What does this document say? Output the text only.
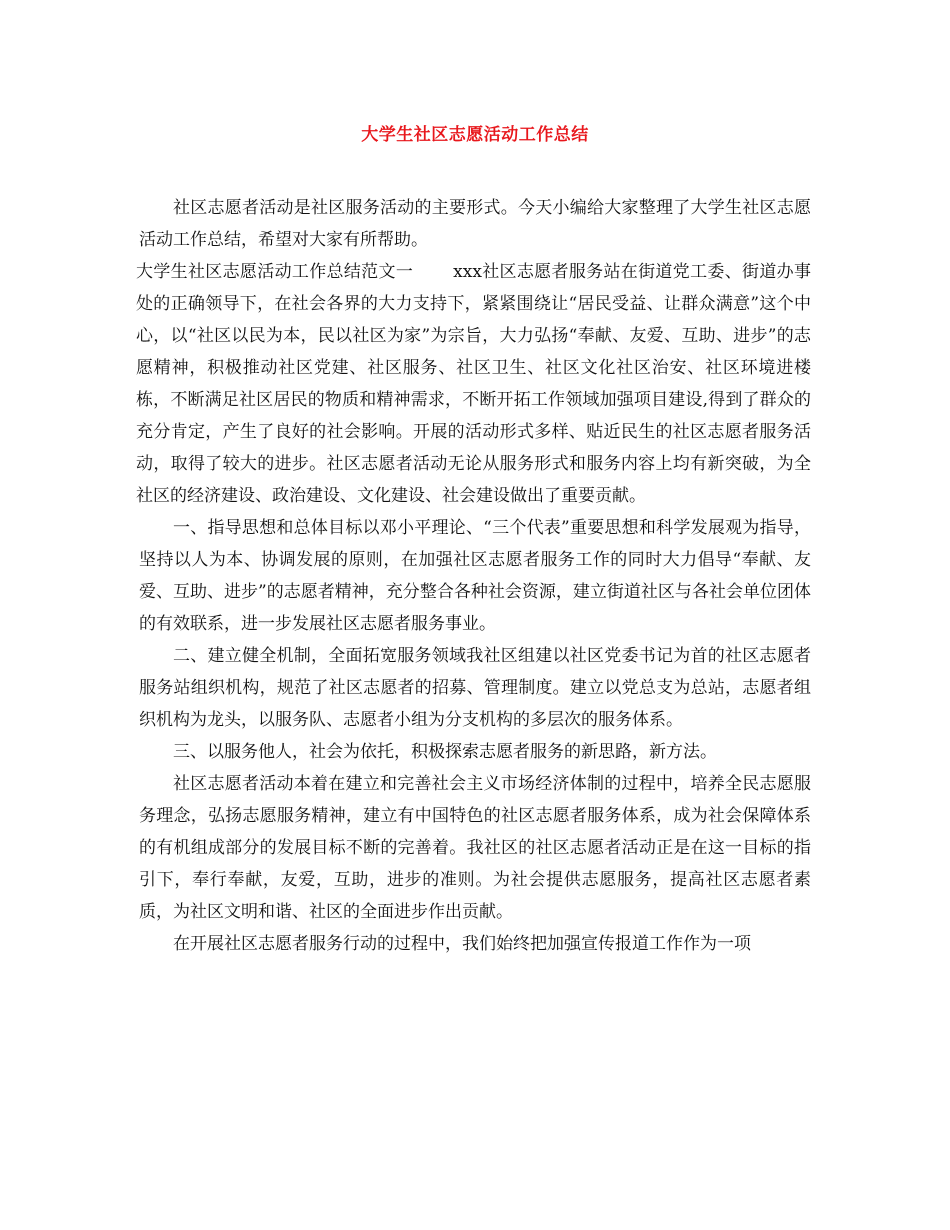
大学生社区志愿活动工作总结

社区志愿者活动是社区服务活动的主要形式。今天小编给大家整理了大学生社区志愿活动工作总结，希望对大家有所帮助。

大学生社区志愿活动工作总结范文一 xxx社区志愿者服务站在街道党工委、街道办事处的正确领导下，在社会各界的大力支持下，紧紧围绕让“居民受益、让群众满意”这个中心，以“社区以民为本，民以社区为家”为宗旨，大力弘扬“奉献、友爱、互助、进步”的志愿精神，积极推动社区党建、社区服务、社区卫生、社区文化社区治安、社区环境进楼栋，不断满足社区居民的物质和精神需求，不断开拓工作领域加强项目建设,得到了群众的充分肯定，产生了良好的社会影响。开展的活动形式多样、贴近民生的社区志愿者服务活动，取得了较大的进步。社区志愿者活动无论从服务形式和服务内容上均有新突破，为全社区的经济建设、政治建设、文化建设、社会建设做出了重要贡献。

一、指导思想和总体目标以邓小平理论、“三个代表”重要思想和科学发展观为指导，坚持以人为本、协调发展的原则，在加强社区志愿者服务工作的同时大力倡导“奉献、友爱、互助、进步”的志愿者精神，充分整合各种社会资源，建立街道社区与各社会单位团体的有效联系，进一步发展社区志愿者服务事业。

二、建立健全机制，全面拓宽服务领域我社区组建以社区党委书记为首的社区志愿者服务站组织机构，规范了社区志愿者的招募、管理制度。建立以党总支为总站，志愿者组织机构为龙头，以服务队、志愿者小组为分支机构的多层次的服务体系。

三、以服务他人，社会为依托，积极探索志愿者服务的新思路，新方法。

社区志愿者活动本着在建立和完善社会主义市场经济体制的过程中，培养全民志愿服务理念，弘扬志愿服务精神，建立有中国特色的社区志愿者服务体系，成为社会保障体系的有机组成部分的发展目标不断的完善着。我社区的社区志愿者活动正是在这一目标的指引下，奉行奉献，友爱，互助，进步的准则。为社会提供志愿服务，提高社区志愿者素质，为社区文明和谐、社区的全面进步作出贡献。

在开展社区志愿者服务行动的过程中，我们始终把加强宣传报道工作作为一项
